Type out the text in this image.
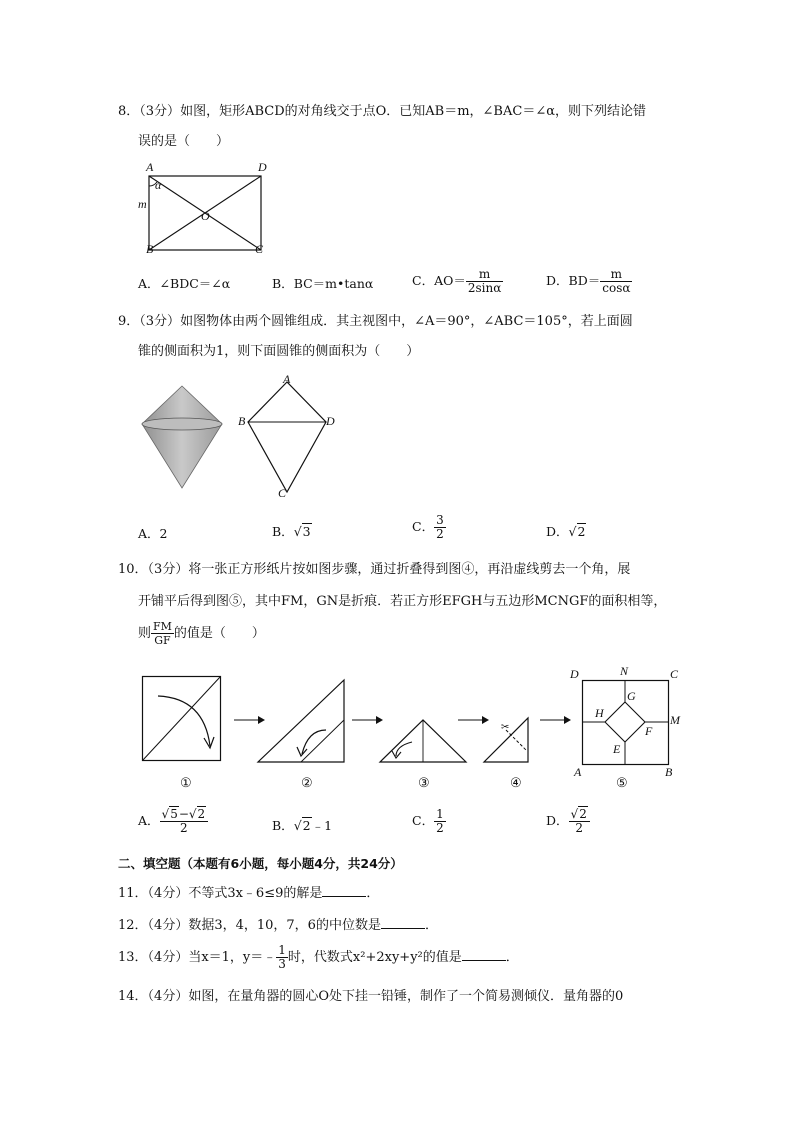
8．（3分）如图，矩形ABCD的对角线交于点O．已知AB＝m，∠BAC＝∠α，则下列结论错
误的是（　　）
A	D
α
m
O
B	C
A．∠BDC＝∠α	B．BC＝m•tanα	C．$AO= \frac{m}{2\sin\alpha}$	D．$BD= \frac{m}{\cos\alpha}$
9．（3分）如图物体由两个圆锥组成．其主视图中，∠A＝90°，∠ABC＝105°，若上面圆
锥的侧面积为1，则下面圆锥的侧面积为（　　）
A
B	D
C
A．2	B．√3	C． $\frac{3}{2}$	D．√2
10．（3分）将一张正方形纸片按如图步骤，通过折叠得到图④，再沿虚线剪去一个角，展
开铺平后得到图⑤，其中FM，GN是折痕．若正方形EFGH与五边形MCNGF的面积相等，
则 $\frac{FM}{GF}$ 的值是（　　）
①	②	③
✂
④
D	N	C
G
H	M
F
E
A	B
⑤
A． $\frac{√5-√2}{2}$	B．√2﹣1	C． $\frac{1}{2}$	D． $\frac{√2}{2}$
二、填空题（本题有6小题，每小题4分，共24分）
11．（4分）不等式3x﹣6≤9的解是	．
12．（4分）数据3，4，10，7，6的中位数是	．
13．（4分）当x＝1，y＝﹣ $\frac{1}{3}$ 时，代数式x²+2xy+y²的值是	．
14．（4分）如图，在量角器的圆心O处下挂一铅锤，制作了一个简易测倾仪．量角器的0
